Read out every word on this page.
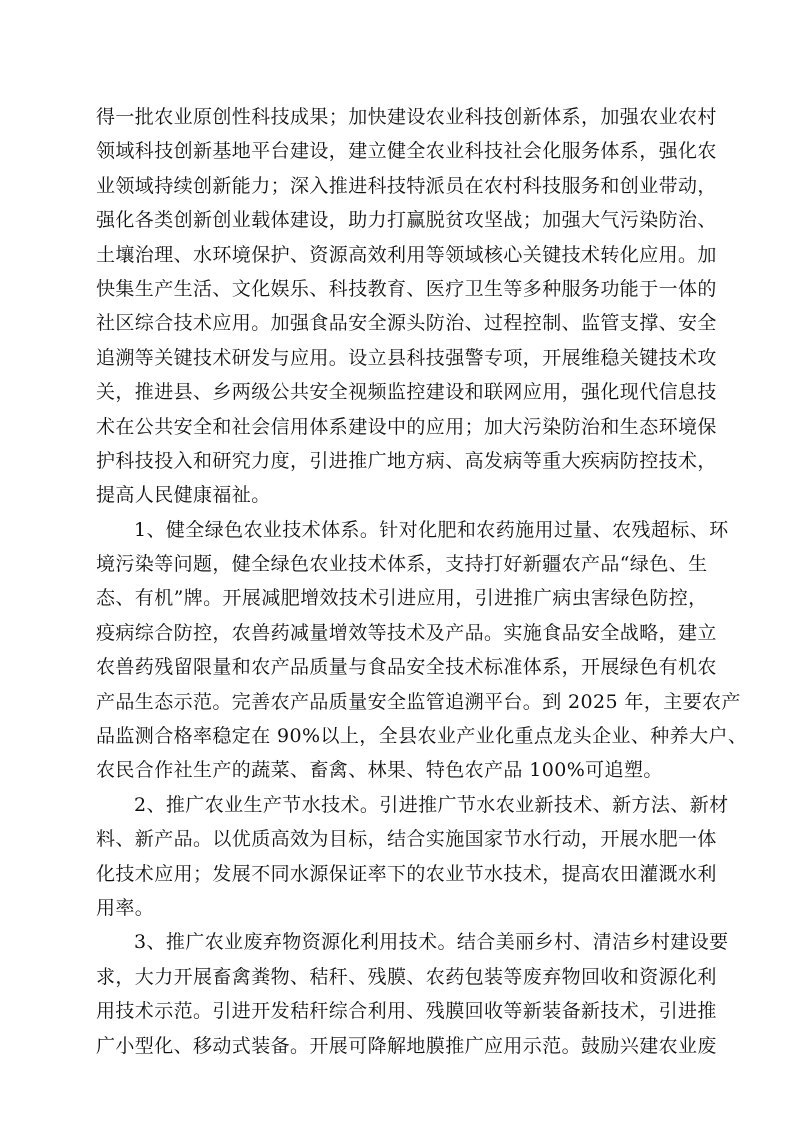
得一批农业原创性科技成果；加快建设农业科技创新体系，加强农业农村
领域科技创新基地平台建设，建立健全农业科技社会化服务体系，强化农
业领域持续创新能力；深入推进科技特派员在农村科技服务和创业带动，
强化各类创新创业载体建设，助力打赢脱贫攻坚战；加强大气污染防治、
土壤治理、水环境保护、资源高效利用等领域核心关键技术转化应用。加
快集生产生活、文化娱乐、科技教育、医疗卫生等多种服务功能于一体的
社区综合技术应用。加强食品安全源头防治、过程控制、监管支撑、安全
追溯等关键技术研发与应用。设立县科技强警专项，开展维稳关键技术攻
关，推进县、乡两级公共安全视频监控建设和联网应用，强化现代信息技
术在公共安全和社会信用体系建设中的应用；加大污染防治和生态环境保
护科技投入和研究力度，引进推广地方病、高发病等重大疾病防控技术，
提高人民健康福祉。
1、健全绿色农业技术体系。针对化肥和农药施用过量、农残超标、环
境污染等问题，健全绿色农业技术体系，支持打好新疆农产品“绿色、生
态、有机”牌。开展减肥增效技术引进应用，引进推广病虫害绿色防控，
疫病综合防控，农兽药减量增效等技术及产品。实施食品安全战略，建立
农兽药残留限量和农产品质量与食品安全技术标准体系，开展绿色有机农
产品生态示范。完善农产品质量安全监管追溯平台。到 2025 年，主要农产
品监测合格率稳定在 90%以上，全县农业产业化重点龙头企业、种养大户、
农民合作社生产的蔬菜、畜禽、林果、特色农产品 100%可追塑。
2、推广农业生产节水技术。引进推广节水农业新技术、新方法、新材
料、新产品。以优质高效为目标，结合实施国家节水行动，开展水肥一体
化技术应用；发展不同水源保证率下的农业节水技术，提高农田灌溉水利
用率。
3、推广农业废弃物资源化利用技术。结合美丽乡村、清洁乡村建设要
求，大力开展畜禽粪物、秸秆、残膜、农药包装等废弃物回收和资源化利
用技术示范。引进开发秸秆综合利用、残膜回收等新装备新技术，引进推
广小型化、移动式装备。开展可降解地膜推广应用示范。鼓励兴建农业废
